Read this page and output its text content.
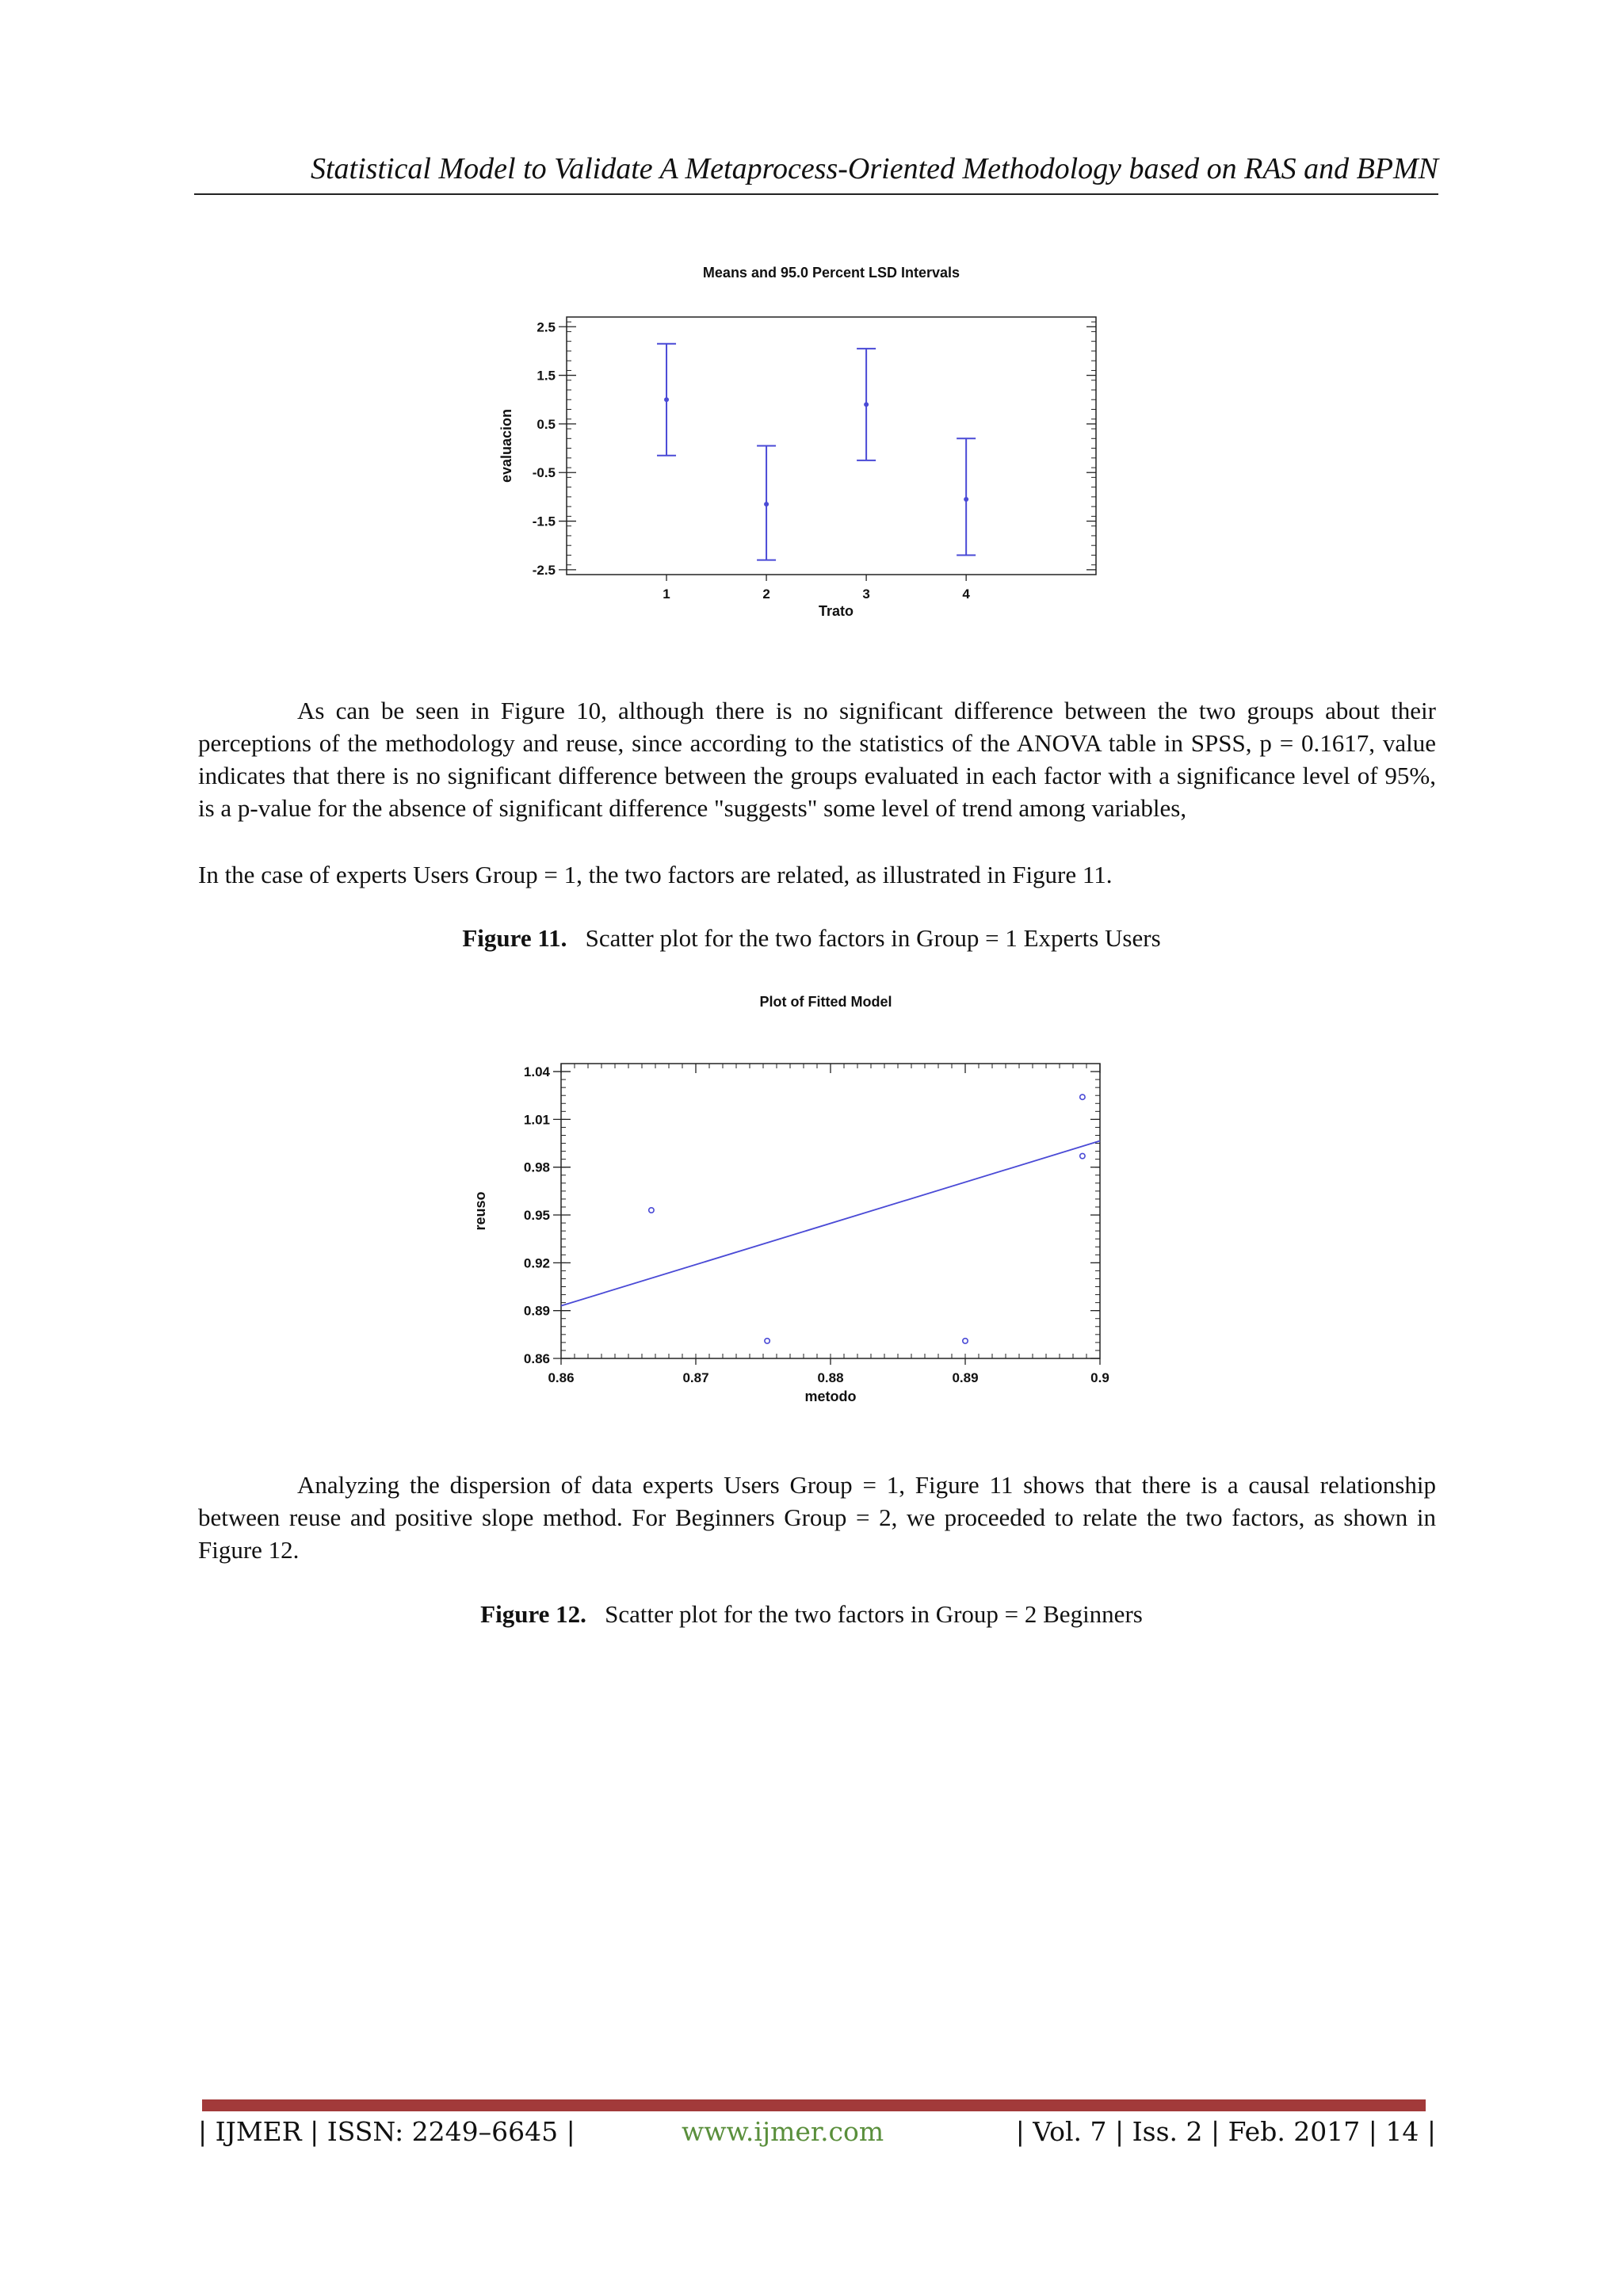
Statistical Model to Validate A Metaprocess-Oriented Methodology based on RAS and BPMN
Means and 95.0 Percent LSD Intervals
2.5
1.5
0.5
-0.5
-1.5
-2.5
1	2	3	4
Trato
evaluacion

As can be seen in Figure 10, although there is no significant difference between the two groups about their perceptions of the methodology and reuse, since according to the statistics of the ANOVA table in SPSS, p = 0.1617, value indicates that there is no significant difference between the groups evaluated in each factor with a significance level of 95%, is a p-value for the absence of significant difference "suggests" some level of trend among variables,

In the case of experts Users Group = 1, the two factors are related, as illustrated in Figure 11.

Figure 11. Scatter plot for the two factors in Group = 1 Experts Users
Plot of Fitted Model
1.04
1.01
0.98
0.95
0.92
0.89
0.86
0.86	0.87	0.88	0.89	0.9
metodo
reuso

Analyzing the dispersion of data experts Users Group = 1, Figure 11 shows that there is a causal relationship between reuse and positive slope method. For Beginners Group = 2, we proceeded to relate the two factors, as shown in Figure 12.

Figure 12. Scatter plot for the two factors in Group = 2 Beginners
| IJMER | ISSN: 2249–6645 |	www.ijmer.com	| Vol. 7 | Iss. 2 | Feb. 2017 | 14 |
